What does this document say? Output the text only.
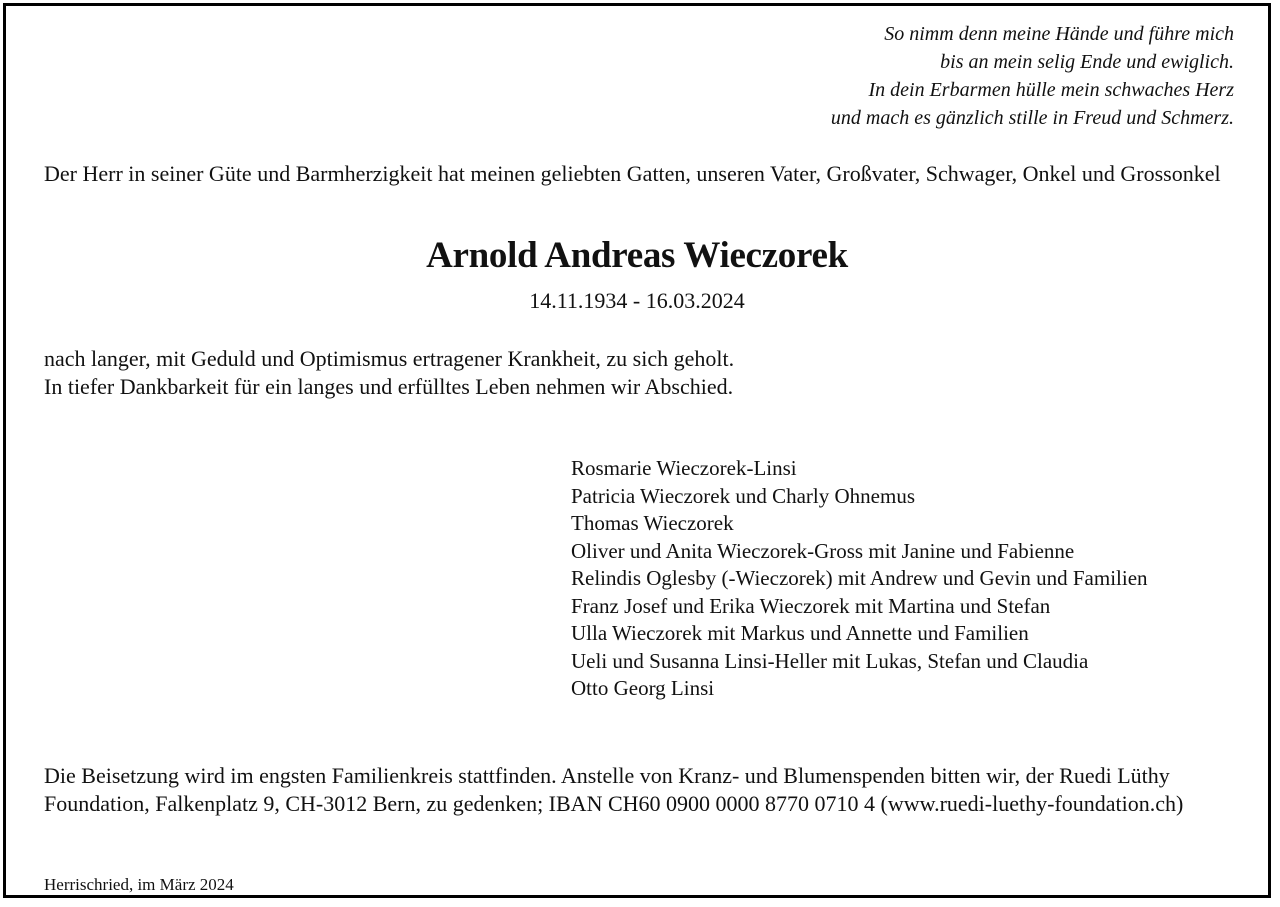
So nimm denn meine Hände und führe mich
bis an mein selig Ende und ewiglich.
In dein Erbarmen hülle mein schwaches Herz
und mach es gänzlich stille in Freud und Schmerz.
Der Herr in seiner Güte und Barmherzigkeit hat meinen geliebten Gatten, unseren Vater, Großvater, Schwager, Onkel und Grossonkel
Arnold Andreas Wieczorek
14.11.1934 - 16.03.2024
nach langer, mit Geduld und Optimismus ertragener Krankheit, zu sich geholt.
In tiefer Dankbarkeit für ein langes und erfülltes Leben nehmen wir Abschied.
Rosmarie Wieczorek-Linsi
Patricia Wieczorek und Charly Ohnemus
Thomas Wieczorek
Oliver und Anita Wieczorek-Gross mit Janine und Fabienne
Relindis Oglesby (-Wieczorek) mit Andrew und Gevin und Familien
Franz Josef und Erika Wieczorek mit Martina und Stefan
Ulla Wieczorek mit Markus und Annette und Familien
Ueli und Susanna Linsi-Heller mit Lukas, Stefan und Claudia
Otto Georg Linsi
Die Beisetzung wird im engsten Familienkreis stattfinden. Anstelle von Kranz- und Blumenspenden bitten wir, der Ruedi Lüthy Foundation, Falkenplatz 9, CH-3012 Bern, zu gedenken; IBAN CH60 0900 0000 8770 0710 4 (www.ruedi-luethy-foundation.ch)
Herrischried, im März 2024
